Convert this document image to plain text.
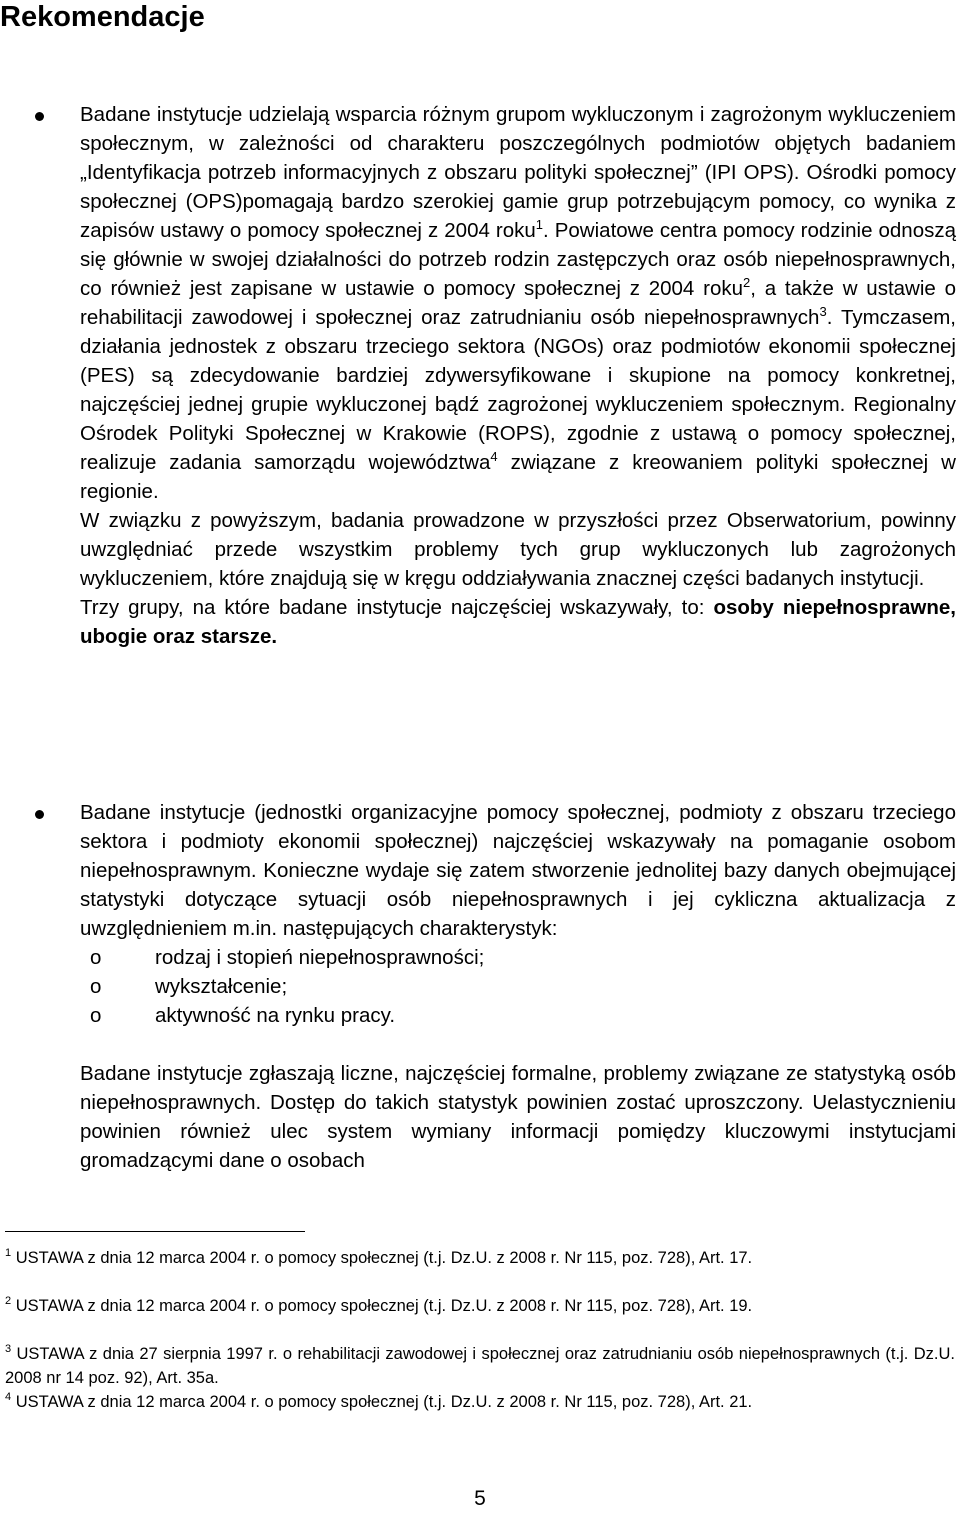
Rekomendacje

Badane instytucje udzielają wsparcia różnym grupom wykluczonym i zagrożonym wykluczeniem społecznym, w zależności od charakteru poszczególnych podmiotów objętych badaniem „Identyfikacja potrzeb informacyjnych z obszaru polityki społecznej” (IPI OPS). Ośrodki pomocy społecznej (OPS)pomagają bardzo szerokiej gamie grup potrzebującym pomocy, co wynika z zapisów ustawy o pomocy społecznej z 2004 roku$^1$. Powiatowe centra pomocy rodzinie odnoszą się głównie w swojej działalności do potrzeb rodzin zastępczych oraz osób niepełnosprawnych, co również jest zapisane w ustawie o pomocy społecznej z 2004 roku$^2$, a także w ustawie o rehabilitacji zawodowej i społecznej oraz zatrudnianiu osób niepełnosprawnych$^3$. Tymczasem, działania jednostek z obszaru trzeciego sektora (NGOs) oraz podmiotów ekonomii społecznej (PES) są zdecydowanie bardziej zdywersyfikowane i skupione na pomocy konkretnej, najczęściej jednej grupie wykluczonej bądź zagrożonej wykluczeniem społecznym. Regionalny Ośrodek Polityki Społecznej w Krakowie (ROPS), zgodnie z ustawą o pomocy społecznej, realizuje zadania samorządu województwa$^4$ związane z kreowaniem polityki społecznej w regionie.

W związku z powyższym, badania prowadzone w przyszłości przez Obserwatorium, powinny uwzględniać przede wszystkim problemy tych grup wykluczonych lub zagrożonych wykluczeniem, które znajdują się w kręgu oddziaływania znacznej części badanych instytucji.

Trzy grupy, na które badane instytucje najczęściej wskazywały, to: osoby niepełnosprawne, ubogie oraz starsze.

Badane instytucje (jednostki organizacyjne pomocy społecznej, podmioty z obszaru trzeciego sektora i podmioty ekonomii społecznej) najczęściej wskazywały na pomaganie osobom niepełnosprawnym. Konieczne wydaje się zatem stworzenie jednolitej bazy danych obejmującej statystyki dotyczące sytuacji osób niepełnosprawnych i jej cykliczna aktualizacja z uwzględnieniem m.in. następujących charakterystyk:

o	rodzaj i stopień niepełnosprawności;
o	wykształcenie;
o	aktywność na rynku pracy.

Badane instytucje zgłaszają liczne, najczęściej formalne, problemy związane ze statystyką osób niepełnosprawnych. Dostęp do takich statystyk powinien zostać uproszczony. Uelastycznieniu powinien również ulec system wymiany informacji pomiędzy kluczowymi instytucjami gromadzącymi dane o osobach

$^1$ USTAWA z dnia 12 marca 2004 r. o pomocy społecznej (t.j. Dz.U. z 2008 r. Nr 115, poz. 728), Art. 17.
$^2$ USTAWA z dnia 12 marca 2004 r. o pomocy społecznej (t.j. Dz.U. z 2008 r. Nr 115, poz. 728), Art. 19.
$^3$ USTAWA z dnia 27 sierpnia 1997 r. o rehabilitacji zawodowej i społecznej oraz zatrudnianiu osób niepełnosprawnych (t.j. Dz.U. 2008 nr 14 poz. 92), Art. 35a.
$^4$ USTAWA z dnia 12 marca 2004 r. o pomocy społecznej (t.j. Dz.U. z 2008 r. Nr 115, poz. 728), Art. 21.
5
